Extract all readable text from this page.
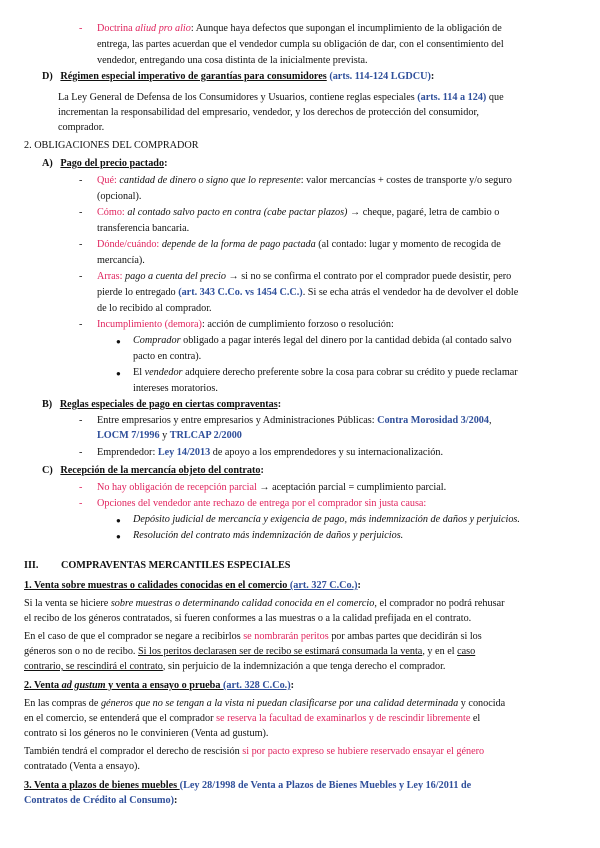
- Doctrina aliud pro alio: Aunque haya defectos que supongan el incumplimiento de la obligación de
entrega, las partes acuerdan que el vendedor cumpla su obligación de dar, con el consentimiento del
vendedor, entregando una cosa distinta de la inicialmente prevista.
D) Régimen especial imperativo de garantías para consumidores (arts. 114-124 LGDCU):
La Ley General de Defensa de los Consumidores y Usuarios, contiene reglas especiales (arts. 114 a 124) que
incrementan la responsabilidad del empresario, vendedor, y los derechos de protección del consumidor,
comprador.
2. OBLIGACIONES DEL COMPRADOR
A) Pago del precio pactado:
- Qué: cantidad de dinero o signo que lo represente: valor mercancías + costes de transporte y/o seguro
(opcional).
- Cómo: al contado salvo pacto en contra (cabe pactar plazos) → cheque, pagaré, letra de cambio o
transferencia bancaria.
- Dónde/cuándo: depende de la forma de pago pactada (al contado: lugar y momento de recogida de
mercancía).
- Arras: pago a cuenta del precio → si no se confirma el contrato por el comprador puede desistir, pero
pierde lo entregado (art. 343 C.Co. vs 1454 C.C.). Si se echa atrás el vendedor ha de devolver el doble
de lo recibido al comprador.
- Incumplimiento (demora): acción de cumplimiento forzoso o resolución:
● Comprador obligado a pagar interés legal del dinero por la cantidad debida (al contado salvo
pacto en contra).
● El vendedor adquiere derecho preferente sobre la cosa para cobrar su crédito y puede reclamar
intereses moratorios.
B) Reglas especiales de pago en ciertas compraventas:
- Entre empresarios y entre empresarios y Administraciones Públicas: Contra Morosidad 3/2004,
LOCM 7/1996 y TRLCAP 2/2000
- Emprendedor: Ley 14/2013 de apoyo a los emprendedores y su internacionalización.
C) Recepción de la mercancía objeto del contrato:
- No hay obligación de recepción parcial → aceptación parcial = cumplimiento parcial.
- Opciones del vendedor ante rechazo de entrega por el comprador sin justa causa:
● Depósito judicial de mercancía y exigencia de pago, más indemnización de daños y perjuicios.
● Resolución del contrato más indemnización de daños y perjuicios.
III. COMPRAVENTAS MERCANTILES ESPECIALES
1. Venta sobre muestras o calidades conocidas en el comercio (art. 327 C.Co.):
Si la venta se hiciere sobre muestras o determinando calidad conocida en el comercio, el comprador no podrá rehusar
el recibo de los géneros contratados, si fueren conformes a las muestras o a la calidad prefijada en el contrato.
En el caso de que el comprador se negare a recibirlos se nombrarán peritos por ambas partes que decidirán si los
géneros son o no de recibo. Si los peritos declarasen ser de recibo se estimará consumada la venta, y en el caso
contrario, se rescindirá el contrato, sin perjuicio de la indemnización a que tenga derecho el comprador.
2. Venta ad gustum y venta a ensayo o prueba (art. 328 C.Co.):
En las compras de géneros que no se tengan a la vista ni puedan clasificarse por una calidad determinada y conocida
en el comercio, se entenderá que el comprador se reserva la facultad de examinarlos y de rescindir libremente el
contrato si los géneros no le convinieren (Venta ad gustum).
También tendrá el comprador el derecho de rescisión si por pacto expreso se hubiere reservado ensayar el género
contratado (Venta a ensayo).
3. Venta a plazos de bienes muebles (Ley 28/1998 de Venta a Plazos de Bienes Muebles y Ley 16/2011 de
Contratos de Crédito al Consumo):
